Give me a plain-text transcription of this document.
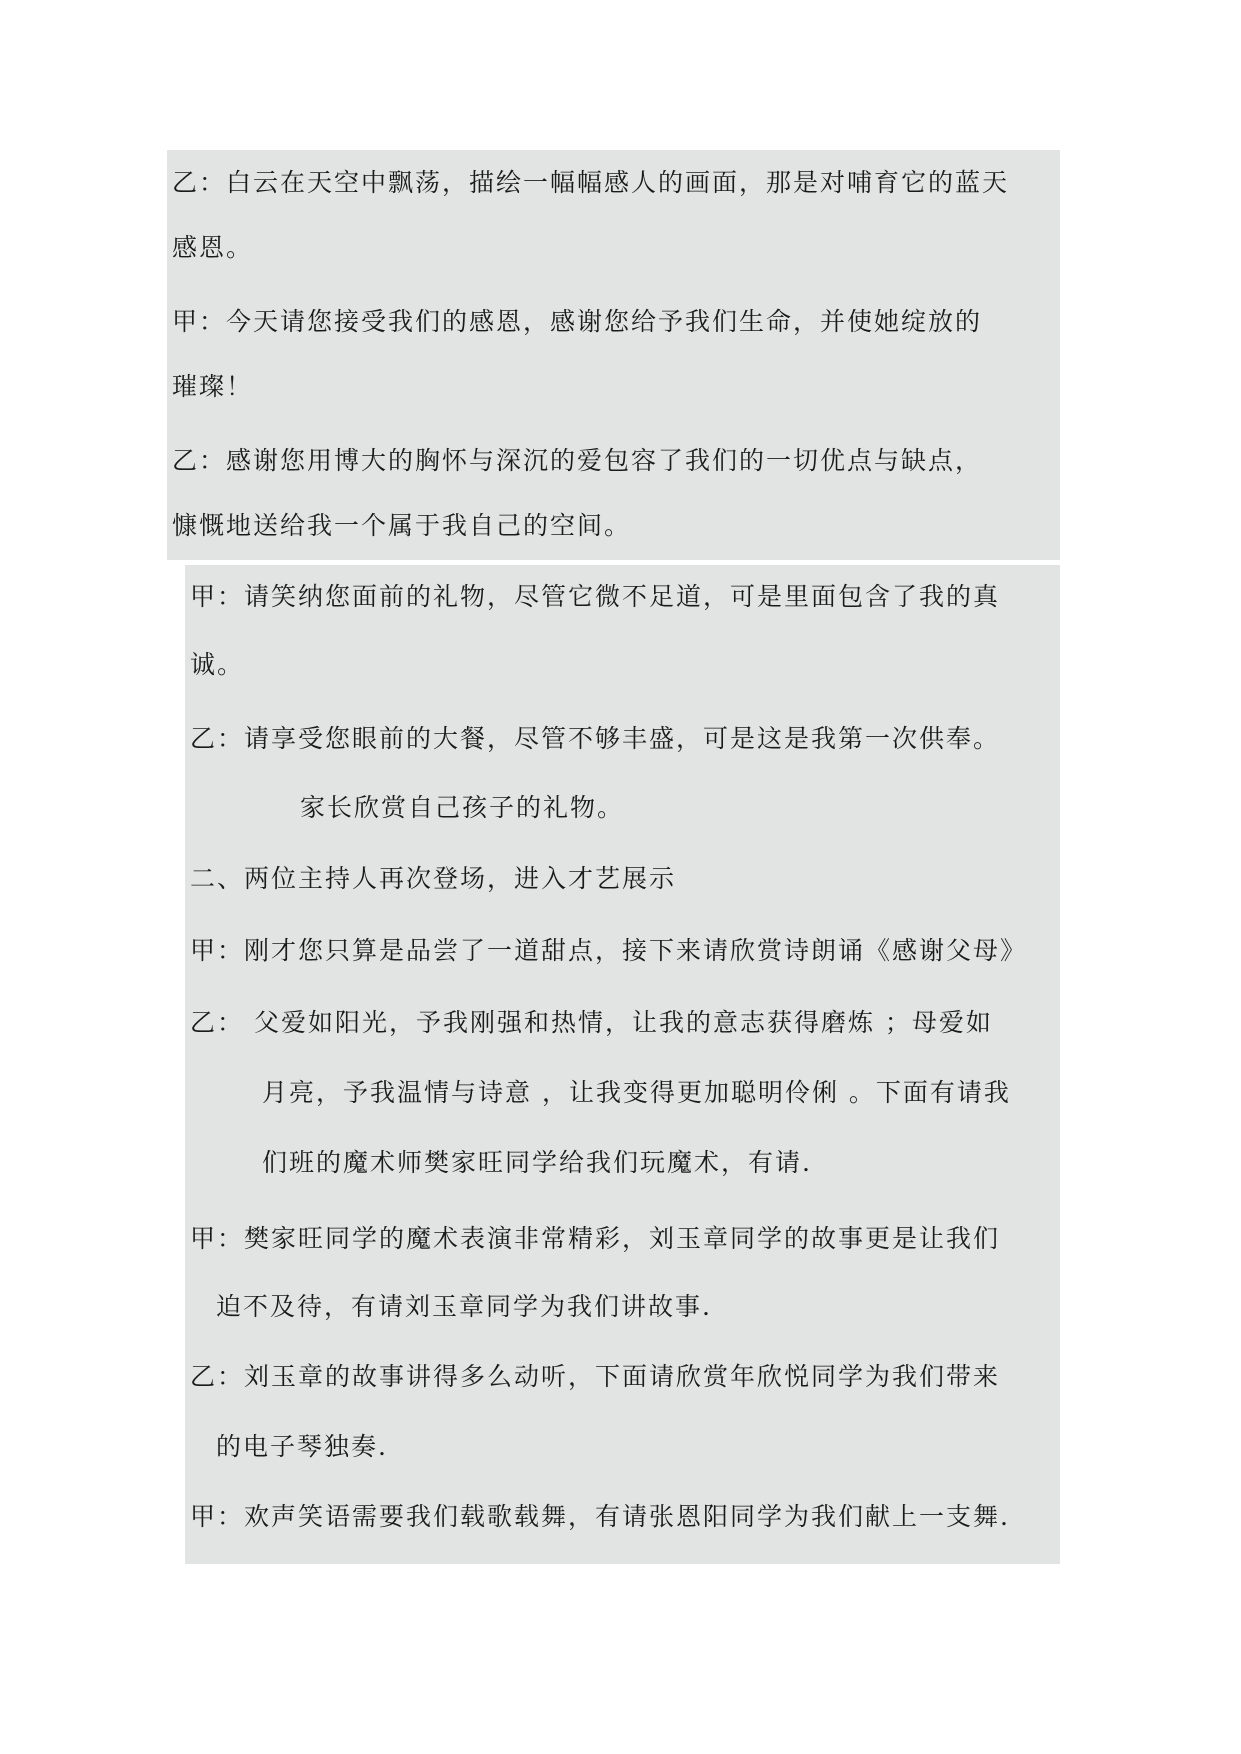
乙：白云在天空中飘荡，描绘一幅幅感人的画面，那是对哺育它的蓝天
感恩。
甲：今天请您接受我们的感恩，感谢您给予我们生命，并使她绽放的
璀璨！
乙：感谢您用博大的胸怀与深沉的爱包容了我们的一切优点与缺点，
慷慨地送给我一个属于我自己的空间。
甲：请笑纳您面前的礼物，尽管它微不足道，可是里面包含了我的真
诚。
乙：请享受您眼前的大餐，尽管不够丰盛，可是这是我第一次供奉。
家长欣赏自己孩子的礼物。
二、两位主持人再次登场，进入才艺展示
甲：刚才您只算是品尝了一道甜点，接下来请欣赏诗朗诵《感谢父母》
乙： 父爱如阳光，予我刚强和热情，让我的意志获得磨炼 ；母爱如
月亮，予我温情与诗意 ，让我变得更加聪明伶俐 。下面有请我
们班的魔术师樊家旺同学给我们玩魔术，有请.
甲：樊家旺同学的魔术表演非常精彩，刘玉章同学的故事更是让我们
迫不及待，有请刘玉章同学为我们讲故事.
乙：刘玉章的故事讲得多么动听，下面请欣赏年欣悦同学为我们带来
的电子琴独奏.
甲：欢声笑语需要我们载歌载舞，有请张恩阳同学为我们献上一支舞.
